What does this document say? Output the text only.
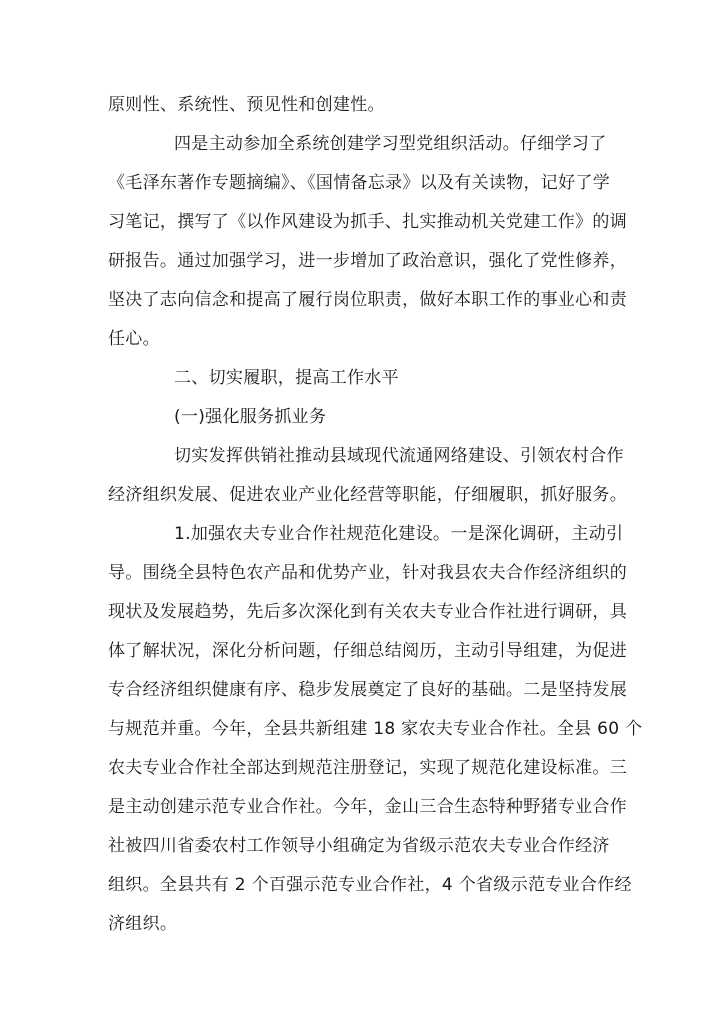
原则性、系统性、预见性和创建性。
四是主动参加全系统创建学习型党组织活动。仔细学习了
《毛泽东著作专题摘编》、《国情备忘录》以及有关读物，记好了学
习笔记，撰写了《以作风建设为抓手、扎实推动机关党建工作》的调
研报告。通过加强学习，进一步增加了政治意识，强化了党性修养，
坚决了志向信念和提高了履行岗位职责，做好本职工作的事业心和责
任心。
二、切实履职，提高工作水平
(一)强化服务抓业务
切实发挥供销社推动县域现代流通网络建设、引领农村合作
经济组织发展、促进农业产业化经营等职能，仔细履职，抓好服务。
1.加强农夫专业合作社规范化建设。一是深化调研，主动引
导。围绕全县特色农产品和优势产业，针对我县农夫合作经济组织的
现状及发展趋势，先后多次深化到有关农夫专业合作社进行调研，具
体了解状况，深化分析问题，仔细总结阅历，主动引导组建，为促进
专合经济组织健康有序、稳步发展奠定了良好的基础。二是坚持发展
与规范并重。今年，全县共新组建 18 家农夫专业合作社。全县 60 个
农夫专业合作社全部达到规范注册登记，实现了规范化建设标准。三
是主动创建示范专业合作社。今年，金山三合生态特种野猪专业合作
社被四川省委农村工作领导小组确定为省级示范农夫专业合作经济
组织。全县共有 2 个百强示范专业合作社，4 个省级示范专业合作经
济组织。
